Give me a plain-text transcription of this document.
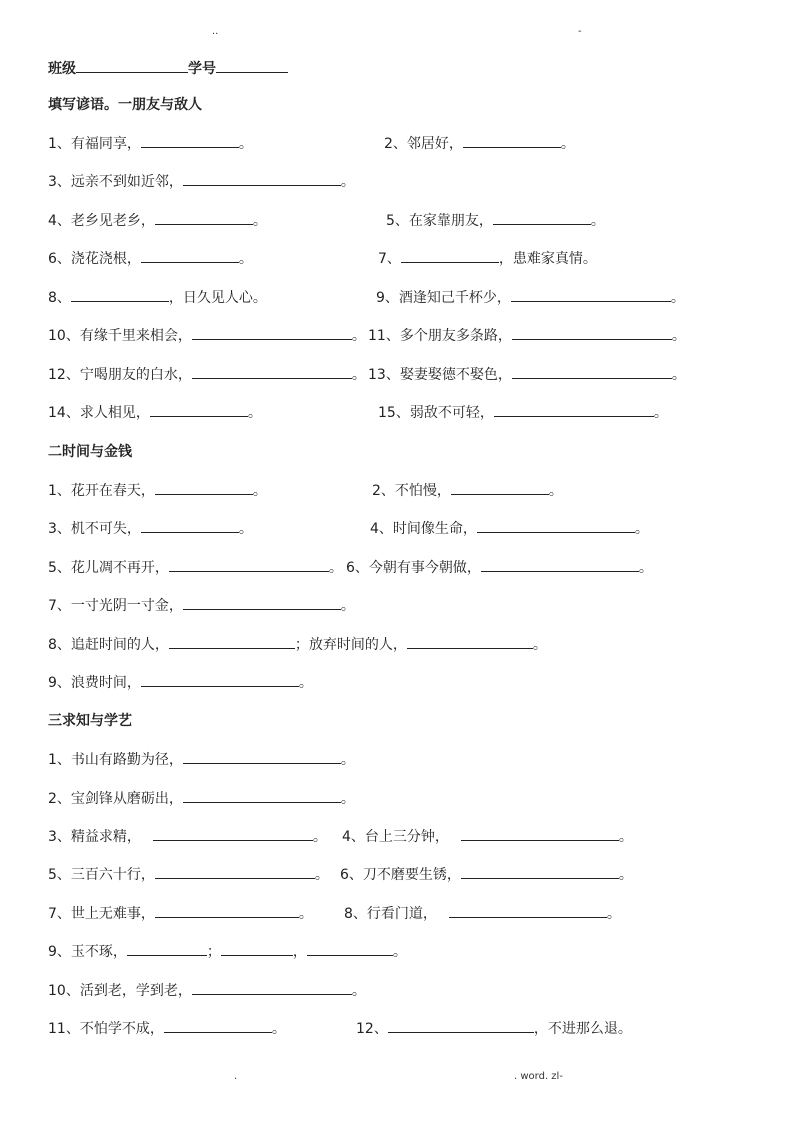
..	-
班级	学号
填写谚语。一朋友与敌人
1、有福同享，	。	2、邻居好，	。
3、远亲不到如近邻，	。
4、老乡见老乡，	。	5、在家靠朋友，	。
6、浇花浇根，	。	7、	，患难家真情。
8、	，日久见人心。	9、酒逢知己千杯少，	。
10、有缘千里来相会，	。 11、多个朋友多条路，	。
12、宁喝朋友的白水，	。 13、娶妻娶德不娶色，	。
14、求人相见，	。	15、弱敌不可轻，	。
二时间与金钱
1、花开在春天，	。	2、不怕慢，	。
3、机不可失，	。	4、时间像生命，	。
5、花儿凋不再开，	。 6、今朝有事今朝做，	。
7、一寸光阴一寸金，	。
8、追赶时间的人，	；放弃时间的人，	。
9、浪费时间，	。
三求知与学艺
1、书山有路勤为径，	。
2、宝剑锋从磨砺出，	。
3、精益求精，	。 4、台上三分钟，	。
5、三百六十行，	。 6、刀不磨要生锈，	。
7、世上无难事，	。 8、行看门道，	。
9、玉不琢，	；	，	。
10、活到老，学到老，	。
11、不怕学不成，	。	12、	，不进那么退。
.	. word. zl-
